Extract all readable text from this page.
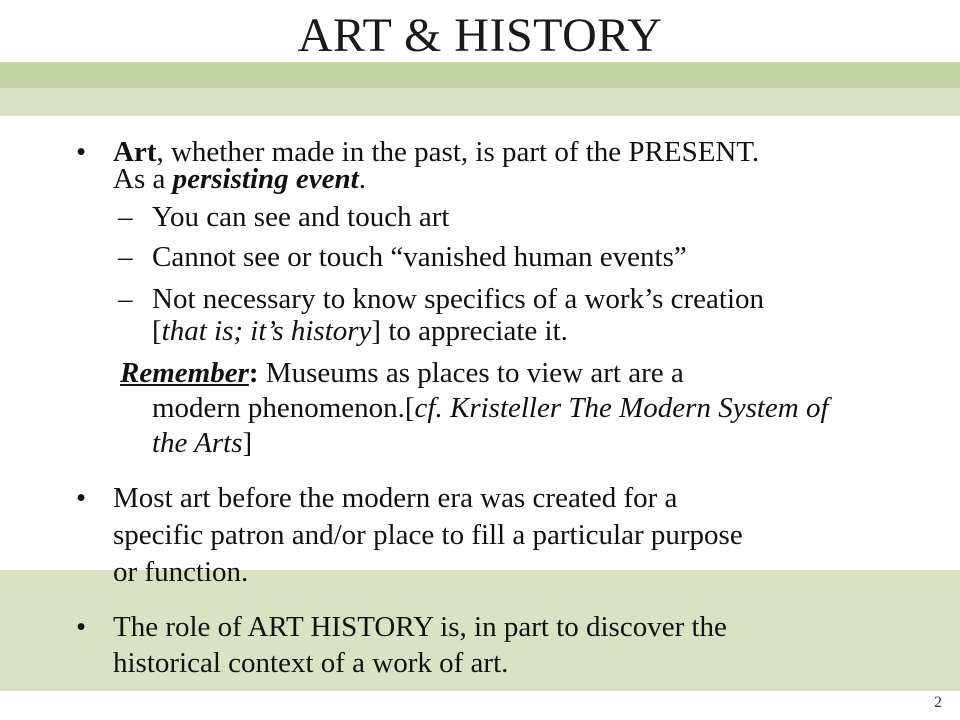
ART & HISTORY
• Art, whether made in the past, is part of the PRESENT.
As a persisting event.
– You can see and touch art
– Cannot see or touch “vanished human events”
– Not necessary to know specifics of a work’s creation
[that is; it’s history] to appreciate it.
Remember: Museums as places to view art are a
modern phenomenon.[cf. Kristeller The Modern System of
the Arts]
• Most art before the modern era was created for a
specific patron and/or place to fill a particular purpose
or function.
• The role of ART HISTORY is, in part to discover the
historical context of a work of art.
2
